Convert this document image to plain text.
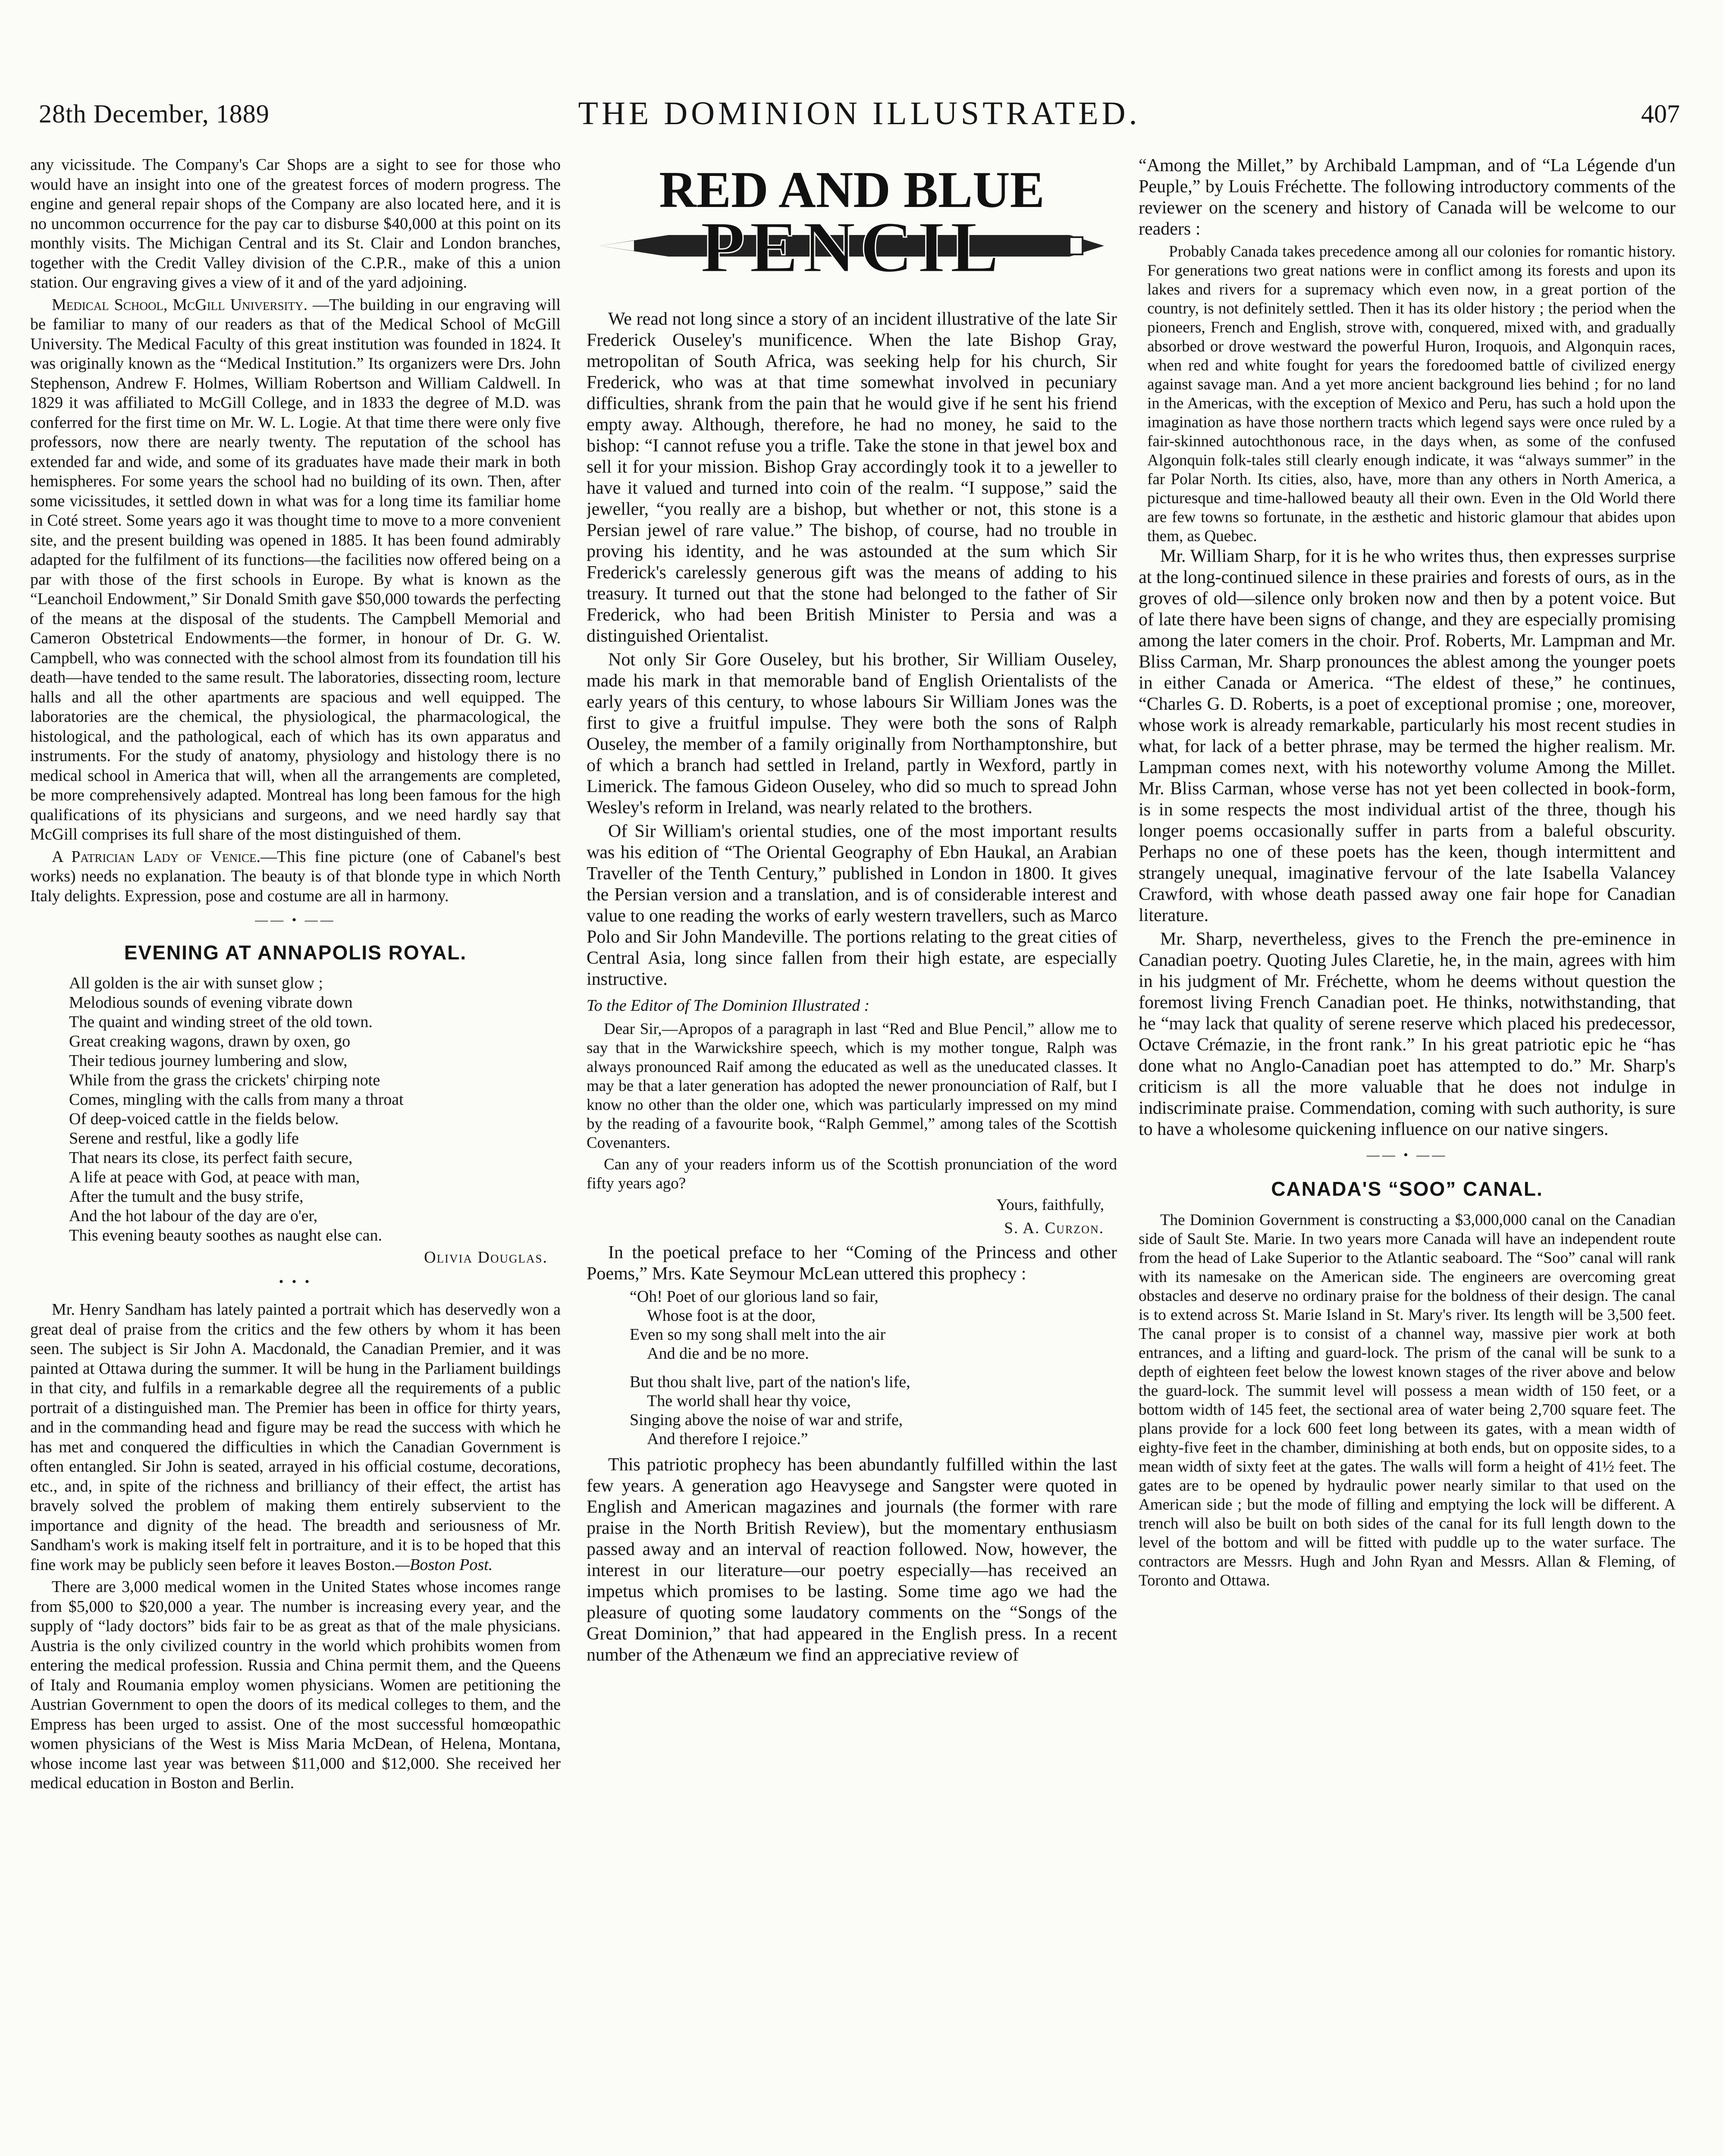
28th December, 1889	THE DOMINION ILLUSTRATED.	407

any vicissitude. The Company's Car Shops are a sight to see for those who would have an insight into one of the greatest forces of modern progress. The engine and general repair shops of the Company are also located here, and it is no uncommon occurrence for the pay car to disburse $40,000 at this point on its monthly visits. The Michigan Central and its St. Clair and London branches, together with the Credit Valley division of the C.P.R., make of this a union station. Our engraving gives a view of it and of the yard adjoining.

Medical School, McGill University. —The building in our engraving will be familiar to many of our readers as that of the Medical School of McGill University. The Medical Faculty of this great institution was founded in 1824. It was originally known as the “Medical Institution.” Its organizers were Drs. John Stephenson, Andrew F. Holmes, William Robertson and William Caldwell. In 1829 it was affiliated to McGill College, and in 1833 the degree of M.D. was conferred for the first time on Mr. W. L. Logie. At that time there were only five professors, now there are nearly twenty. The reputation of the school has extended far and wide, and some of its graduates have made their mark in both hemispheres. For some years the school had no building of its own. Then, after some vicissitudes, it settled down in what was for a long time its familiar home in Coté street. Some years ago it was thought time to move to a more convenient site, and the present building was opened in 1885. It has been found admirably adapted for the fulfilment of its functions—the facilities now offered being on a par with those of the first schools in Europe. By what is known as the “Leanchoil Endowment,” Sir Donald Smith gave $50,000 towards the perfecting of the means at the disposal of the students. The Campbell Memorial and Cameron Obstetrical Endowments—the former, in honour of Dr. G. W. Campbell, who was connected with the school almost from its foundation till his death—have tended to the same result. The laboratories, dissecting room, lecture halls and all the other apartments are spacious and well equipped. The laboratories are the chemical, the physiological, the pharmacological, the histological, and the pathological, each of which has its own apparatus and instruments. For the study of anatomy, physiology and histology there is no medical school in America that will, when all the arrangements are completed, be more comprehensively adapted. Montreal has long been famous for the high qualifications of its physicians and surgeons, and we need hardly say that McGill comprises its full share of the most distinguished of them.

A Patrician Lady of Venice.—This fine picture (one of Cabanel's best works) needs no explanation. The beauty is of that blonde type in which North Italy delights. Expression, pose and costume are all in harmony.

—— • ——
EVENING AT ANNAPOLIS ROYAL.
All golden is the air with sunset glow ;
Melodious sounds of evening vibrate down
The quaint and winding street of the old town.
Great creaking wagons, drawn by oxen, go
Their tedious journey lumbering and slow,
While from the grass the crickets' chirping note
Comes, mingling with the calls from many a throat
Of deep-voiced cattle in the fields below.
Serene and restful, like a godly life
That nears its close, its perfect faith secure,
A life at peace with God, at peace with man,
After the tumult and the busy strife,
And the hot labour of the day are o'er,
This evening beauty soothes as naught else can.
Olivia Douglas.
• • •

Mr. Henry Sandham has lately painted a portrait which has deservedly won a great deal of praise from the critics and the few others by whom it has been seen. The subject is Sir John A. Macdonald, the Canadian Premier, and it was painted at Ottawa during the summer. It will be hung in the Parliament buildings in that city, and fulfils in a remarkable degree all the requirements of a public portrait of a distinguished man. The Premier has been in office for thirty years, and in the commanding head and figure may be read the success with which he has met and conquered the difficulties in which the Canadian Government is often entangled. Sir John is seated, arrayed in his official costume, decorations, etc., and, in spite of the richness and brilliancy of their effect, the artist has bravely solved the problem of making them entirely subservient to the importance and dignity of the head. The breadth and seriousness of Mr. Sandham's work is making itself felt in portraiture, and it is to be hoped that this fine work may be publicly seen before it leaves Boston.—Boston Post.

There are 3,000 medical women in the United States whose incomes range from $5,000 to $20,000 a year. The number is increasing every year, and the supply of “lady doctors” bids fair to be as great as that of the male physicians. Austria is the only civilized country in the world which prohibits women from entering the medical profession. Russia and China permit them, and the Queens of Italy and Roumania employ women physicians. Women are petitioning the Austrian Government to open the doors of its medical colleges to them, and the Empress has been urged to assist. One of the most successful homœopathic women physicians of the West is Miss Maria McDean, of Helena, Montana, whose income last year was between $11,000 and $12,000. She received her medical education in Boston and Berlin.

RED AND BLUE
PENCIL

We read not long since a story of an incident illustrative of the late Sir Frederick Ouseley's munificence. When the late Bishop Gray, metropolitan of South Africa, was seeking help for his church, Sir Frederick, who was at that time somewhat involved in pecuniary difficulties, shrank from the pain that he would give if he sent his friend empty away. Although, therefore, he had no money, he said to the bishop: “I cannot refuse you a trifle. Take the stone in that jewel box and sell it for your mission. Bishop Gray accordingly took it to a jeweller to have it valued and turned into coin of the realm. “I suppose,” said the jeweller, “you really are a bishop, but whether or not, this stone is a Persian jewel of rare value.” The bishop, of course, had no trouble in proving his identity, and he was astounded at the sum which Sir Frederick's carelessly generous gift was the means of adding to his treasury. It turned out that the stone had belonged to the father of Sir Frederick, who had been British Minister to Persia and was a distinguished Orientalist.

Not only Sir Gore Ouseley, but his brother, Sir William Ouseley, made his mark in that memorable band of English Orientalists of the early years of this century, to whose labours Sir William Jones was the first to give a fruitful impulse. They were both the sons of Ralph Ouseley, the member of a family originally from Northamptonshire, but of which a branch had settled in Ireland, partly in Wexford, partly in Limerick. The famous Gideon Ouseley, who did so much to spread John Wesley's reform in Ireland, was nearly related to the brothers.

Of Sir William's oriental studies, one of the most important results was his edition of “The Oriental Geography of Ebn Haukal, an Arabian Traveller of the Tenth Century,” published in London in 1800. It gives the Persian version and a translation, and is of considerable interest and value to one reading the works of early western travellers, such as Marco Polo and Sir John Mandeville. The portions relating to the great cities of Central Asia, long since fallen from their high estate, are especially instructive.

To the Editor of The Dominion Illustrated :

Dear Sir,—Apropos of a paragraph in last “Red and Blue Pencil,” allow me to say that in the Warwickshire speech, which is my mother tongue, Ralph was always pronounced Raif among the educated as well as the uneducated classes. It may be that a later generation has adopted the newer pronounciation of Ralf, but I know no other than the older one, which was particularly impressed on my mind by the reading of a favourite book, “Ralph Gemmel,” among tales of the Scottish Covenanters.

Can any of your readers inform us of the Scottish pronunciation of the word fifty years ago?

Yours, faithfully,
S. A. Curzon.

In the poetical preface to her “Coming of the Princess and other Poems,” Mrs. Kate Seymour McLean uttered this prophecy :

“Oh! Poet of our glorious land so fair,
Whose foot is at the door,
Even so my song shall melt into the air
And die and be no more.
But thou shalt live, part of the nation's life,
The world shall hear thy voice,
Singing above the noise of war and strife,
And therefore I rejoice.”

This patriotic prophecy has been abundantly fulfilled within the last few years. A generation ago Heavysege and Sangster were quoted in English and American magazines and journals (the former with rare praise in the North British Review), but the momentary enthusiasm passed away and an interval of reaction followed. Now, however, the interest in our literature—our poetry especially—has received an impetus which promises to be lasting. Some time ago we had the pleasure of quoting some laudatory comments on the “Songs of the Great Dominion,” that had appeared in the English press. In a recent number of the Athenæum we find an appreciative review of

“Among the Millet,” by Archibald Lampman, and of “La Légende d'un Peuple,” by Louis Fréchette. The following introductory comments of the reviewer on the scenery and history of Canada will be welcome to our readers :

Probably Canada takes precedence among all our colonies for romantic history. For generations two great nations were in conflict among its forests and upon its lakes and rivers for a supremacy which even now, in a great portion of the country, is not definitely settled. Then it has its older history ; the period when the pioneers, French and English, strove with, conquered, mixed with, and gradually absorbed or drove westward the powerful Huron, Iroquois, and Algonquin races, when red and white fought for years the foredoomed battle of civilized energy against savage man. And a yet more ancient background lies behind ; for no land in the Americas, with the exception of Mexico and Peru, has such a hold upon the imagination as have those northern tracts which legend says were once ruled by a fair-skinned autochthonous race, in the days when, as some of the confused Algonquin folk-tales still clearly enough indicate, it was “always summer” in the far Polar North. Its cities, also, have, more than any others in North America, a picturesque and time-hallowed beauty all their own. Even in the Old World there are few towns so fortunate, in the æsthetic and historic glamour that abides upon them, as Quebec.

Mr. William Sharp, for it is he who writes thus, then expresses surprise at the long-continued silence in these prairies and forests of ours, as in the groves of old—silence only broken now and then by a potent voice. But of late there have been signs of change, and they are especially promising among the later comers in the choir. Prof. Roberts, Mr. Lampman and Mr. Bliss Carman, Mr. Sharp pronounces the ablest among the younger poets in either Canada or America. “The eldest of these,” he continues, “Charles G. D. Roberts, is a poet of exceptional promise ; one, moreover, whose work is already remarkable, particularly his most recent studies in what, for lack of a better phrase, may be termed the higher realism. Mr. Lampman comes next, with his noteworthy volume Among the Millet. Mr. Bliss Carman, whose verse has not yet been collected in book-form, is in some respects the most individual artist of the three, though his longer poems occasionally suffer in parts from a baleful obscurity. Perhaps no one of these poets has the keen, though intermittent and strangely unequal, imaginative fervour of the late Isabella Valancey Crawford, with whose death passed away one fair hope for Canadian literature.

Mr. Sharp, nevertheless, gives to the French the pre-eminence in Canadian poetry. Quoting Jules Claretie, he, in the main, agrees with him in his judgment of Mr. Fréchette, whom he deems without question the foremost living French Canadian poet. He thinks, notwithstanding, that he “may lack that quality of serene reserve which placed his predecessor, Octave Crémazie, in the front rank.” In his great patriotic epic he “has done what no Anglo-Canadian poet has attempted to do.” Mr. Sharp's criticism is all the more valuable that he does not indulge in indiscriminate praise. Commendation, coming with such authority, is sure to have a wholesome quickening influence on our native singers.

—— • ——
CANADA'S “SOO” CANAL.

The Dominion Government is constructing a $3,000,000 canal on the Canadian side of Sault Ste. Marie. In two years more Canada will have an independent route from the head of Lake Superior to the Atlantic seaboard. The “Soo” canal will rank with its namesake on the American side. The engineers are overcoming great obstacles and deserve no ordinary praise for the boldness of their design. The canal is to extend across St. Marie Island in St. Mary's river. Its length will be 3,500 feet. The canal proper is to consist of a channel way, massive pier work at both entrances, and a lifting and guard-lock. The prism of the canal will be sunk to a depth of eighteen feet below the lowest known stages of the river above and below the guard-lock. The summit level will possess a mean width of 150 feet, or a bottom width of 145 feet, the sectional area of water being 2,700 square feet. The plans provide for a lock 600 feet long between its gates, with a mean width of eighty-five feet in the chamber, diminishing at both ends, but on opposite sides, to a mean width of sixty feet at the gates. The walls will form a height of 41½ feet. The gates are to be opened by hydraulic power nearly similar to that used on the American side ; but the mode of filling and emptying the lock will be different. A trench will also be built on both sides of the canal for its full length down to the level of the bottom and will be fitted with puddle up to the water surface. The contractors are Messrs. Hugh and John Ryan and Messrs. Allan & Fleming, of Toronto and Ottawa.
